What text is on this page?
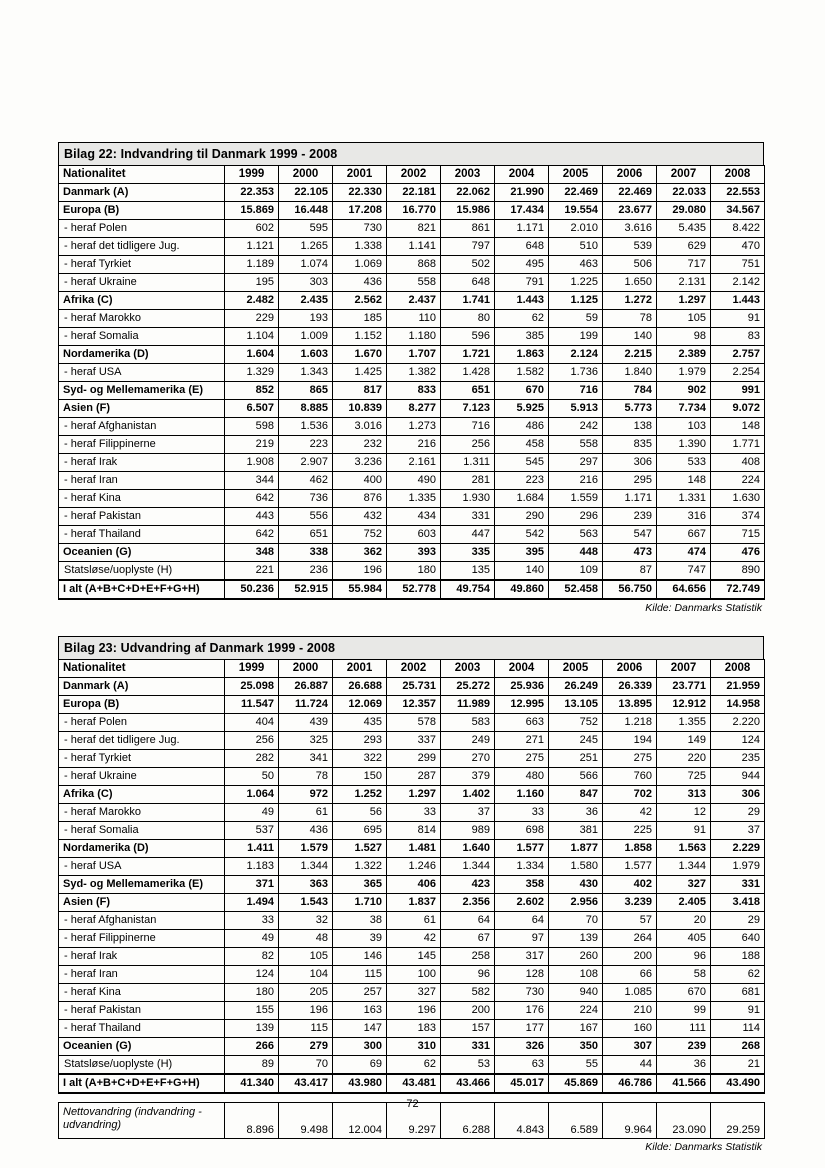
Bilag 22: Indvandring til Danmark 1999 - 2008
Nationalitet	1999	2000	2001	2002	2003	2004	2005	2006	2007	2008
Danmark (A)	22.353	22.105	22.330	22.181	22.062	21.990	22.469	22.469	22.033	22.553
Europa (B)	15.869	16.448	17.208	16.770	15.986	17.434	19.554	23.677	29.080	34.567
- heraf Polen	602	595	730	821	861	1.171	2.010	3.616	5.435	8.422
- heraf det tidligere Jug.	1.121	1.265	1.338	1.141	797	648	510	539	629	470
- heraf Tyrkiet	1.189	1.074	1.069	868	502	495	463	506	717	751
- heraf Ukraine	195	303	436	558	648	791	1.225	1.650	2.131	2.142
Afrika (C)	2.482	2.435	2.562	2.437	1.741	1.443	1.125	1.272	1.297	1.443
- heraf Marokko	229	193	185	110	80	62	59	78	105	91
- heraf Somalia	1.104	1.009	1.152	1.180	596	385	199	140	98	83
Nordamerika (D)	1.604	1.603	1.670	1.707	1.721	1.863	2.124	2.215	2.389	2.757
- heraf USA	1.329	1.343	1.425	1.382	1.428	1.582	1.736	1.840	1.979	2.254
Syd- og Mellemamerika (E)	852	865	817	833	651	670	716	784	902	991
Asien (F)	6.507	8.885	10.839	8.277	7.123	5.925	5.913	5.773	7.734	9.072
- heraf Afghanistan	598	1.536	3.016	1.273	716	486	242	138	103	148
- heraf Filippinerne	219	223	232	216	256	458	558	835	1.390	1.771
- heraf Irak	1.908	2.907	3.236	2.161	1.311	545	297	306	533	408
- heraf Iran	344	462	400	490	281	223	216	295	148	224
- heraf Kina	642	736	876	1.335	1.930	1.684	1.559	1.171	1.331	1.630
- heraf Pakistan	443	556	432	434	331	290	296	239	316	374
- heraf Thailand	642	651	752	603	447	542	563	547	667	715
Oceanien (G)	348	338	362	393	335	395	448	473	474	476
Statsløse/uoplyste (H)	221	236	196	180	135	140	109	87	747	890
I alt (A+B+C+D+E+F+G+H)	50.236	52.915	55.984	52.778	49.754	49.860	52.458	56.750	64.656	72.749
Kilde: Danmarks Statistik
Bilag 23: Udvandring af Danmark 1999 - 2008
Nationalitet	1999	2000	2001	2002	2003	2004	2005	2006	2007	2008
Danmark (A)	25.098	26.887	26.688	25.731	25.272	25.936	26.249	26.339	23.771	21.959
Europa (B)	11.547	11.724	12.069	12.357	11.989	12.995	13.105	13.895	12.912	14.958
- heraf Polen	404	439	435	578	583	663	752	1.218	1.355	2.220
- heraf det tidligere Jug.	256	325	293	337	249	271	245	194	149	124
- heraf Tyrkiet	282	341	322	299	270	275	251	275	220	235
- heraf Ukraine	50	78	150	287	379	480	566	760	725	944
Afrika (C)	1.064	972	1.252	1.297	1.402	1.160	847	702	313	306
- heraf Marokko	49	61	56	33	37	33	36	42	12	29
- heraf Somalia	537	436	695	814	989	698	381	225	91	37
Nordamerika (D)	1.411	1.579	1.527	1.481	1.640	1.577	1.877	1.858	1.563	2.229
- heraf USA	1.183	1.344	1.322	1.246	1.344	1.334	1.580	1.577	1.344	1.979
Syd- og Mellemamerika (E)	371	363	365	406	423	358	430	402	327	331
Asien (F)	1.494	1.543	1.710	1.837	2.356	2.602	2.956	3.239	2.405	3.418
- heraf Afghanistan	33	32	38	61	64	64	70	57	20	29
- heraf Filippinerne	49	48	39	42	67	97	139	264	405	640
- heraf Irak	82	105	146	145	258	317	260	200	96	188
- heraf Iran	124	104	115	100	96	128	108	66	58	62
- heraf Kina	180	205	257	327	582	730	940	1.085	670	681
- heraf Pakistan	155	196	163	196	200	176	224	210	99	91
- heraf Thailand	139	115	147	183	157	177	167	160	111	114
Oceanien (G)	266	279	300	310	331	326	350	307	239	268
Statsløse/uoplyste (H)	89	70	69	62	53	63	55	44	36	21
I alt (A+B+C+D+E+F+G+H)	41.340	43.417	43.980	43.481	43.466	45.017	45.869	46.786	41.566	43.490
Nettovandring (indvandring - udvandring)	8.896	9.498	12.004	9.297	6.288	4.843	6.589	9.964	23.090	29.259
Kilde: Danmarks Statistik
72
